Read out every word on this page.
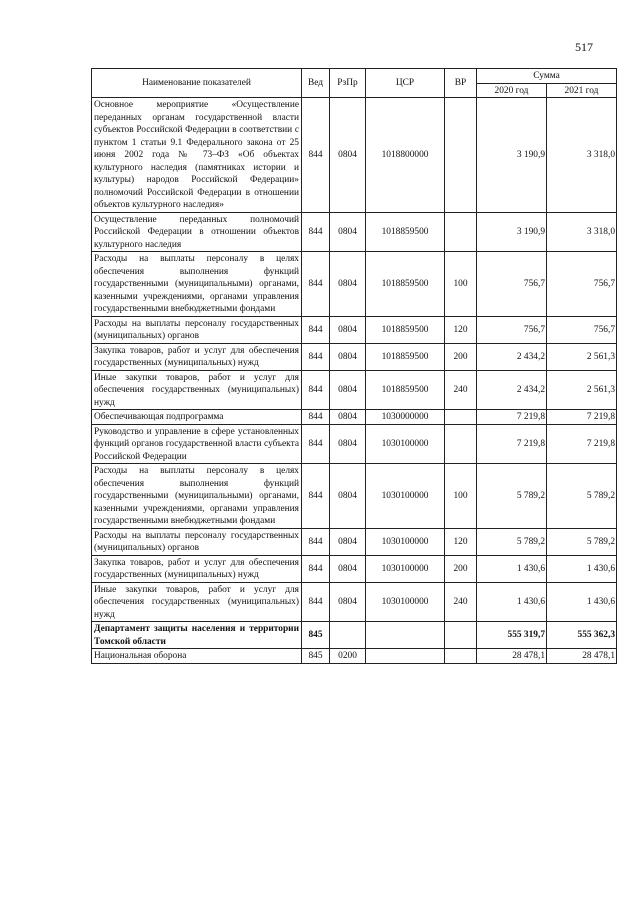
517
Наименование показателей	Вед	РзПр	ЦСР	ВР	Сумма	
					2020 год	2021 год
Основное мероприятие «Осуществление переданных органам государственной власти субъектов Российской Федерации в соответствии с пунктом 1 статьи 9.1 Федерального закона от 25 июня 2002 года № 73–ФЗ «Об объектах культурного наследия (памятниках истории и культуры) народов Российской Федерации» полномочий Российской Федерации в отношении объектов культурного наследия»	844	0804	1018800000		3 190,9	3 318,0
Осуществление переданных полномочий Российской Федерации в отношении объектов культурного наследия	844	0804	1018859500		3 190,9	3 318,0
Расходы на выплаты персоналу в целях обеспечения выполнения функций государственными (муниципальными) органами, казенными учреждениями, органами управления государственными внебюджетными фондами	844	0804	1018859500	100	756,7	756,7
Расходы на выплаты персоналу государственных (муниципальных) органов	844	0804	1018859500	120	756,7	756,7
Закупка товаров, работ и услуг для обеспечения государственных (муниципальных) нужд	844	0804	1018859500	200	2 434,2	2 561,3
Иные закупки товаров, работ и услуг для обеспечения государственных (муниципальных) нужд	844	0804	1018859500	240	2 434,2	2 561,3
Обеспечивающая подпрограмма	844	0804	1030000000		7 219,8	7 219,8
Руководство и управление в сфере установленных функций органов государственной власти субъекта Российской Федерации	844	0804	1030100000		7 219,8	7 219,8
Расходы на выплаты персоналу в целях обеспечения выполнения функций государственными (муниципальными) органами, казенными учреждениями, органами управления государственными внебюджетными фондами	844	0804	1030100000	100	5 789,2	5 789,2
Расходы на выплаты персоналу государственных (муниципальных) органов	844	0804	1030100000	120	5 789,2	5 789,2
Закупка товаров, работ и услуг для обеспечения государственных (муниципальных) нужд	844	0804	1030100000	200	1 430,6	1 430,6
Иные закупки товаров, работ и услуг для обеспечения государственных (муниципальных) нужд	844	0804	1030100000	240	1 430,6	1 430,6
Департамент защиты населения и территории Томской области	845				555 319,7	555 362,3
Национальная оборона	845	0200			28 478,1	28 478,1
